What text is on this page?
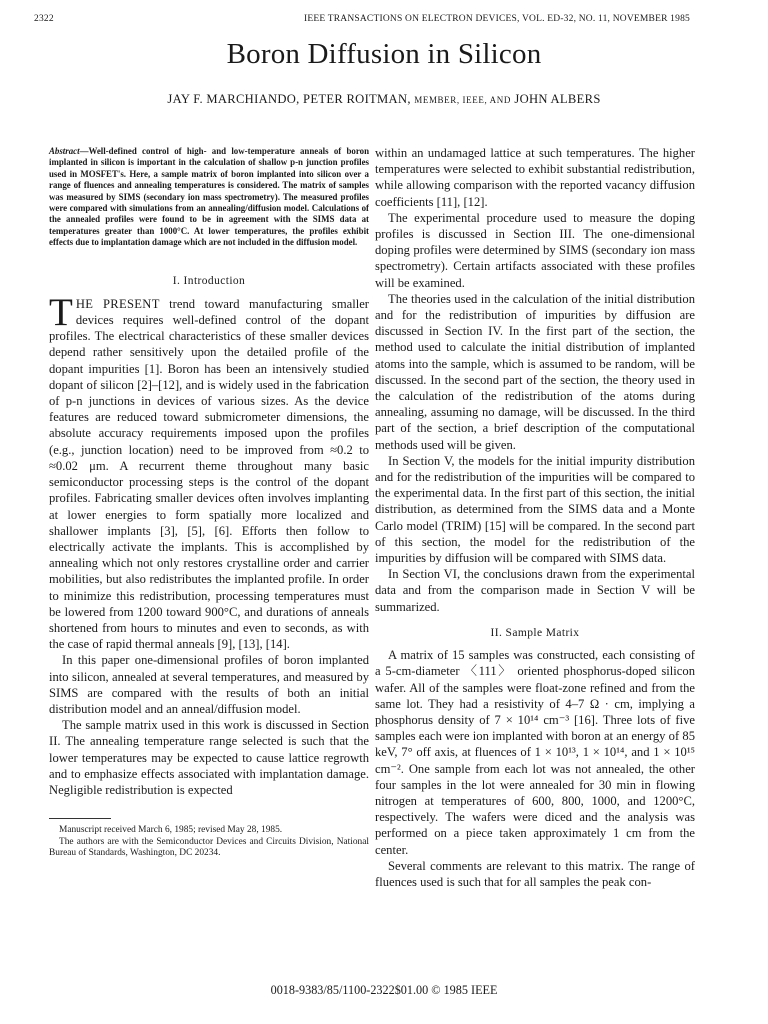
2322	IEEE TRANSACTIONS ON ELECTRON DEVICES, VOL. ED-32, NO. 11, NOVEMBER 1985
Boron Diffusion in Silicon
JAY F. MARCHIANDO, PETER ROITMAN, MEMBER, IEEE, AND JOHN ALBERS

Abstract—Well-defined control of high- and low-temperature anneals of boron implanted in silicon is important in the calculation of shallow p-n junction profiles used in MOSFET's. Here, a sample matrix of boron implanted into silicon over a range of fluences and annealing temperatures is considered. The matrix of samples was measured by SIMS (secondary ion mass spectrometry). The measured profiles were compared with simulations from an annealing/diffusion model. Calculations of the annealed profiles were found to be in agreement with the SIMS data at temperatures greater than 1000°C. At lower temperatures, the profiles exhibit effects due to implantation damage which are not included in the diffusion model.

I. Introduction

THE PRESENT trend toward manufacturing smaller devices requires well-defined control of the dopant profiles. The electrical characteristics of these smaller devices depend rather sensitively upon the detailed profile of the dopant impurities [1]. Boron has been an intensively studied dopant of silicon [2]–[12], and is widely used in the fabrication of p-n junctions in devices of various sizes. As the device features are reduced toward submicrometer dimensions, the absolute accuracy requirements imposed upon the profiles (e.g., junction location) need to be improved from ≈0.2 to ≈0.02 μm. A recurrent theme throughout many basic semiconductor processing steps is the control of the dopant profiles. Fabricating smaller devices often involves implanting at lower energies to form spatially more localized and shallower implants [3], [5], [6]. Efforts then follow to electrically activate the implants. This is accomplished by annealing which not only restores crystalline order and carrier mobilities, but also redistributes the implanted profile. In order to minimize this redistribution, processing temperatures must be lowered from 1200 toward 900°C, and durations of anneals shortened from hours to minutes and even to seconds, as with the case of rapid thermal anneals [9], [13], [14].

In this paper one-dimensional profiles of boron implanted into silicon, annealed at several temperatures, and measured by SIMS are compared with the results of both an initial distribution model and an anneal/diffusion model.

The sample matrix used in this work is discussed in Section II. The annealing temperature range selected is such that the lower temperatures may be expected to cause lattice regrowth and to emphasize effects associated with implantation damage. Negligible redistribution is expected

Manuscript received March 6, 1985; revised May 28, 1985.

The authors are with the Semiconductor Devices and Circuits Division, National Bureau of Standards, Washington, DC 20234.

within an undamaged lattice at such temperatures. The higher temperatures were selected to exhibit substantial redistribution, while allowing comparison with the reported vacancy diffusion coefficients [11], [12].

The experimental procedure used to measure the doping profiles is discussed in Section III. The one-dimensional doping profiles were determined by SIMS (secondary ion mass spectrometry). Certain artifacts associated with these profiles will be examined.

The theories used in the calculation of the initial distribution and for the redistribution of impurities by diffusion are discussed in Section IV. In the first part of the section, the method used to calculate the initial distribution of implanted atoms into the sample, which is assumed to be random, will be discussed. In the second part of the section, the theory used in the calculation of the redistribution of the atoms during annealing, assuming no damage, will be discussed. In the third part of the section, a brief description of the computational methods used will be given.

In Section V, the models for the initial impurity distribution and for the redistribution of the impurities will be compared to the experimental data. In the first part of this section, the initial distribution, as determined from the SIMS data and a Monte Carlo model (TRIM) [15] will be compared. In the second part of this section, the model for the redistribution of the impurities by diffusion will be compared with SIMS data.

In Section VI, the conclusions drawn from the experimental data and from the comparison made in Section V will be summarized.

II. Sample Matrix

A matrix of 15 samples was constructed, each consisting of a 5-cm-diameter 〈111〉 oriented phosphorus-doped silicon wafer. All of the samples were float-zone refined and from the same lot. They had a resistivity of 4–7 Ω · cm, implying a phosphorus density of 7 × 10¹⁴ cm⁻³ [16]. Three lots of five samples each were ion implanted with boron at an energy of 85 keV, 7° off axis, at fluences of 1 × 10¹³, 1 × 10¹⁴, and 1 × 10¹⁵ cm⁻². One sample from each lot was not annealed, the other four samples in the lot were annealed for 30 min in flowing nitrogen at temperatures of 600, 800, 1000, and 1200°C, respectively. The wafers were diced and the analysis was performed on a piece taken approximately 1 cm from the center.

Several comments are relevant to this matrix. The range of fluences used is such that for all samples the peak con-

0018-9383/85/1100-2322$01.00 © 1985 IEEE
